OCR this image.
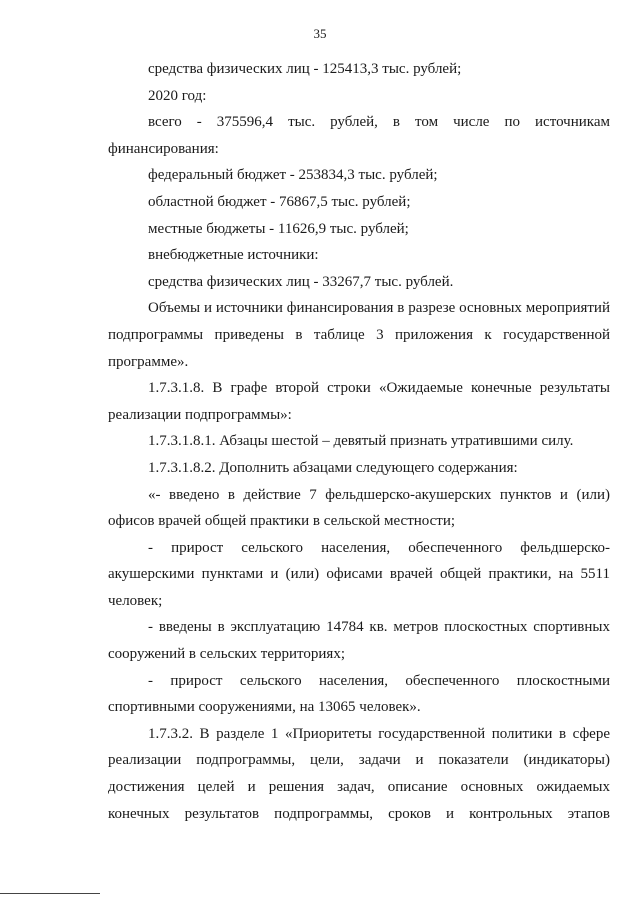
35

средства физических лиц - 125413,3 тыс. рублей;

2020 год:

всего - 375596,4 тыс. рублей, в том числе по источникам

финансирования:

федеральный бюджет - 253834,3 тыс. рублей;

областной бюджет - 76867,5 тыс. рублей;

местные бюджеты - 11626,9 тыс. рублей;

внебюджетные источники:

средства физических лиц - 33267,7 тыс. рублей.

Объемы и источники финансирования в разрезе основных мероприятий

подпрограммы приведены в таблице 3 приложения к государственной

программе».

1.7.3.1.8. В графе второй строки «Ожидаемые конечные результаты

реализации подпрограммы»:

1.7.3.1.8.1. Абзацы шестой – девятый признать утратившими силу.

1.7.3.1.8.2. Дополнить абзацами следующего содержания:

«- введено в действие 7 фельдшерско-акушерских пунктов и (или)

офисов врачей общей практики в сельской местности;

- прирост сельского населения, обеспеченного фельдшерско-

акушерскими пунктами и (или) офисами врачей общей практики, на 5511

человек;

- введены в эксплуатацию 14784 кв. метров плоскостных спортивных

сооружений в сельских территориях;

- прирост сельского населения, обеспеченного плоскостными

спортивными сооружениями, на 13065 человек».

1.7.3.2. В разделе 1 «Приоритеты государственной политики в сфере

реализации подпрограммы, цели, задачи и показатели (индикаторы)

достижения целей и решения задач, описание основных ожидаемых

конечных результатов подпрограммы, сроков и контрольных этапов
